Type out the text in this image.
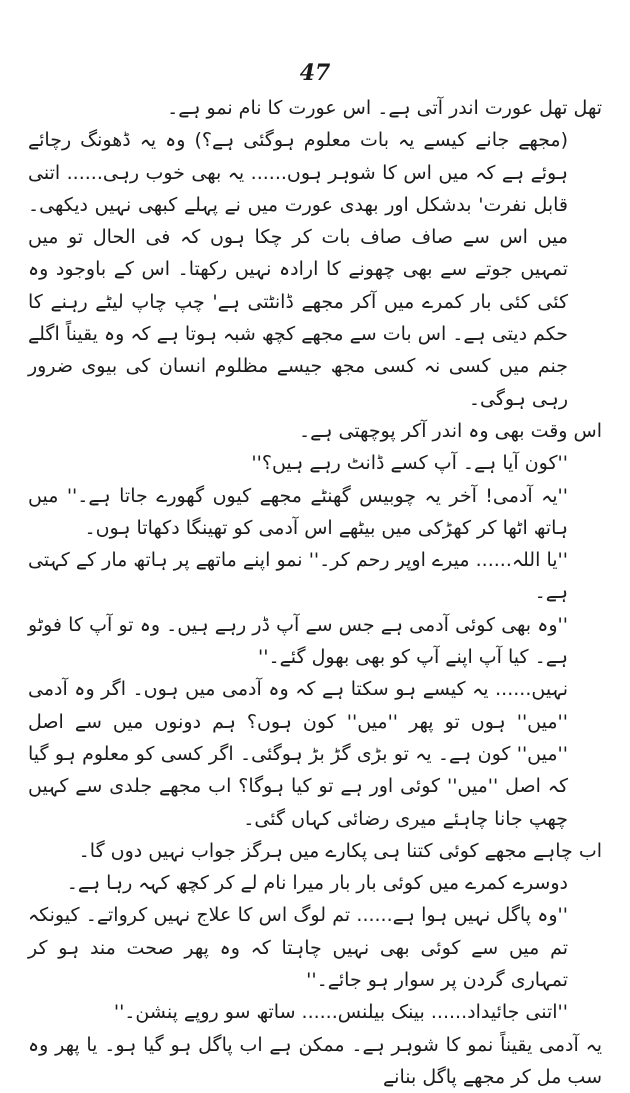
47

تھل تھل عورت اندر آتی ہے۔ اس عورت کا نام نمو ہے۔

(مجھے جانے کیسے یہ بات معلوم ہوگئی ہے؟) وہ یہ ڈھونگ رچائے ہوئے ہے کہ میں اس کا شوہر ہوں...... یہ بھی خوب رہی...... اتنی قابل نفرت' بدشکل اور بھدی عورت میں نے پہلے کبھی نہیں دیکھی۔ میں اس سے صاف صاف بات کر چکا ہوں کہ فی الحال تو میں تمہیں جوتے سے بھی چھونے کا ارادہ نہیں رکھتا۔ اس کے باوجود وہ کئی کئی بار کمرے میں آکر مجھے ڈانٹتی ہے' چپ چاپ لیٹے رہنے کا حکم دیتی ہے۔ اس بات سے مجھے کچھ شبہ ہوتا ہے کہ وہ یقیناً اگلے جنم میں کسی نہ کسی مجھ جیسے مظلوم انسان کی بیوی ضرور رہی ہوگی۔

اس وقت بھی وہ اندر آکر پوچھتی ہے۔

''کون آیا ہے۔ آپ کسے ڈانٹ رہے ہیں؟''

''یہ آدمی! آخر یہ چوبیس گھنٹے مجھے کیوں گھورے جاتا ہے۔'' میں ہاتھ اٹھا کر کھڑکی میں بیٹھے اس آدمی کو تھینگا دکھاتا ہوں۔

''یا اللہ...... میرے اوپر رحم کر۔'' نمو اپنے ماتھے پر ہاتھ مار کے کہتی ہے۔

''وہ بھی کوئی آدمی ہے جس سے آپ ڈر رہے ہیں۔ وہ تو آپ کا فوٹو ہے۔ کیا آپ اپنے آپ کو بھی بھول گئے۔''

نہیں...... یہ کیسے ہو سکتا ہے کہ وہ آدمی میں ہوں۔ اگر وہ آدمی ''میں'' ہوں تو پھر ''میں'' کون ہوں؟ ہم دونوں میں سے اصل ''میں'' کون ہے۔ یہ تو بڑی گڑ بڑ ہوگئی۔ اگر کسی کو معلوم ہو گیا کہ اصل ''میں'' کوئی اور ہے تو کیا ہوگا؟ اب مجھے جلدی سے کہیں چھپ جانا چاہئے میری رضائی کہاں گئی۔

اب چاہے مجھے کوئی کتنا ہی پکارے میں ہرگز جواب نہیں دوں گا۔

دوسرے کمرے میں کوئی بار بار میرا نام لے کر کچھ کہہ رہا ہے۔

''وہ پاگل نہیں ہوا ہے...... تم لوگ اس کا علاج نہیں کرواتے۔ کیونکہ تم میں سے کوئی بھی نہیں چاہتا کہ وہ پھر صحت مند ہو کر تمہاری گردن پر سوار ہو جائے۔''

''اتنی جائیداد...... بینک بیلنس...... ساتھ سو روپے پنشن۔''

یہ آدمی یقیناً نمو کا شوہر ہے۔ ممکن ہے اب پاگل ہو گیا ہو۔ یا پھر وہ سب مل کر مجھے پاگل بنانے
